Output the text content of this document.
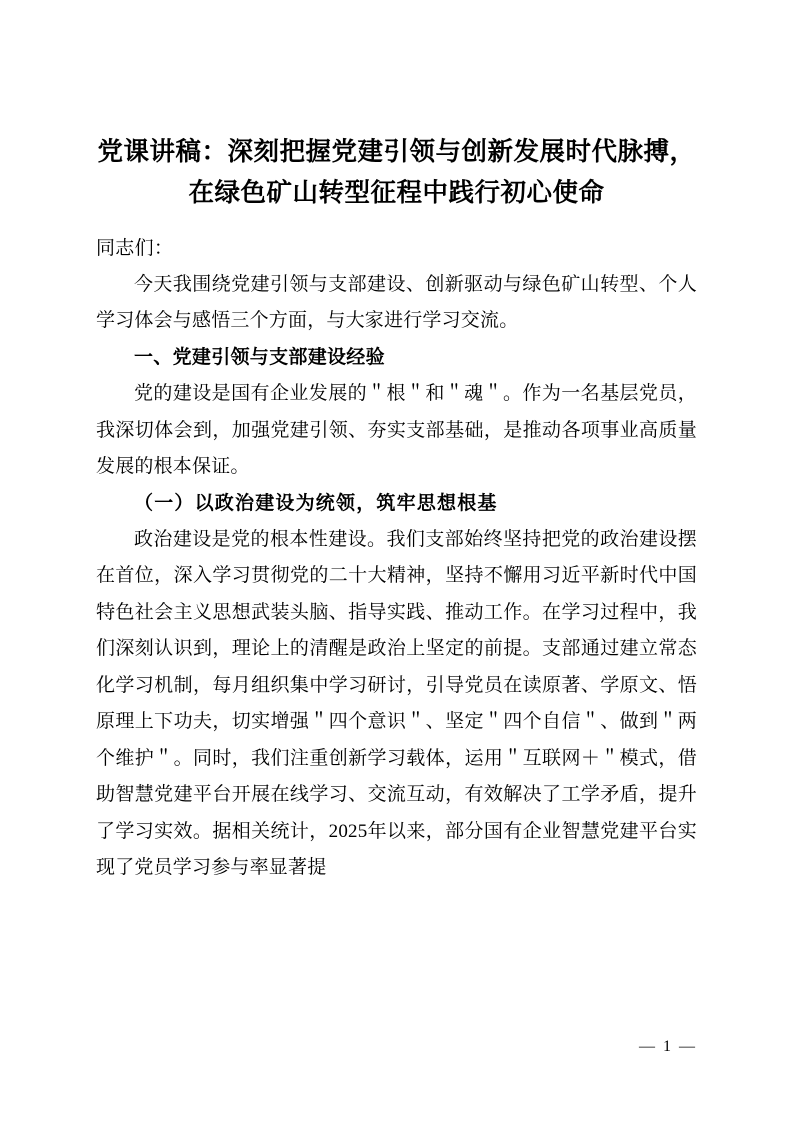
党课讲稿：深刻把握党建引领与创新发展时代脉搏，在绿色矿山转型征程中践行初心使命

同志们：

今天我围绕党建引领与支部建设、创新驱动与绿色矿山转型、个人学习体会与感悟三个方面，与大家进行学习交流。

一、党建引领与支部建设经验

党的建设是国有企业发展的＂根＂和＂魂＂。作为一名基层党员，我深切体会到，加强党建引领、夯实支部基础，是推动各项事业高质量发展的根本保证。

（一）以政治建设为统领，筑牢思想根基

政治建设是党的根本性建设。我们支部始终坚持把党的政治建设摆在首位，深入学习贯彻党的二十大精神，坚持不懈用习近平新时代中国特色社会主义思想武装头脑、指导实践、推动工作。在学习过程中，我们深刻认识到，理论上的清醒是政治上坚定的前提。支部通过建立常态化学习机制，每月组织集中学习研讨，引导党员在读原著、学原文、悟原理上下功夫，切实增强＂四个意识＂、坚定＂四个自信＂、做到＂两个维护＂。同时，我们注重创新学习载体，运用＂互联网＋＂模式，借助智慧党建平台开展在线学习、交流互动，有效解决了工学矛盾，提升了学习实效。据相关统计，2025年以来，部分国有企业智慧党建平台实现了党员学习参与率显著提

— 1 —
